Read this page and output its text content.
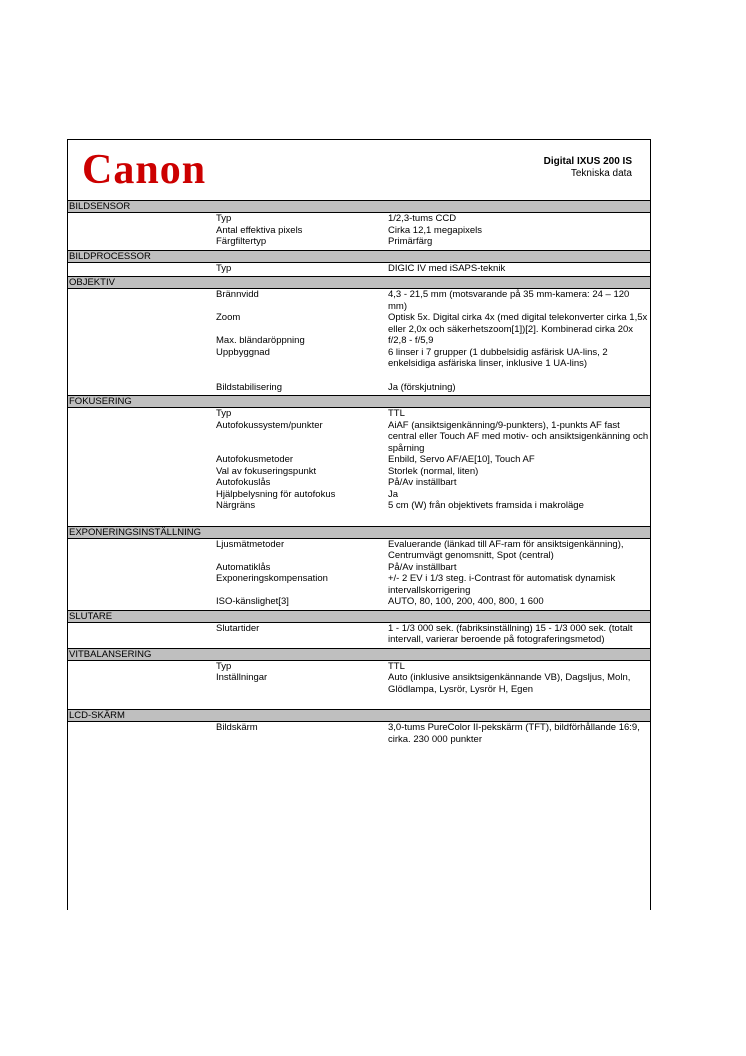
Canon	Digital IXUS 200 IS
Tekniska data
BILDSENSOR
Typ	1/2,3-tums CCD
Antal effektiva pixels	Cirka 12,1 megapixels
Färgfiltertyp	Primärfärg
BILDPROCESSOR
Typ	DIGIC IV med iSAPS-teknik
OBJEKTIV
Brännvidd	4,3 - 21,5 mm (motsvarande på 35 mm-kamera: 24 – 120 mm)
Zoom	Optisk 5x. Digital cirka 4x (med digital telekonverter cirka 1,5x eller 2,0x och säkerhetszoom[1])[2]. Kombinerad cirka 20x
Max. bländaröppning	f/2,8 - f/5,9
Uppbyggnad	6 linser i 7 grupper (1 dubbelsidig asfärisk UA-lins, 2 enkelsidiga asfäriska linser, inklusive 1 UA-lins)
Bildstabilisering	Ja (förskjutning)
FOKUSERING
Typ	TTL
Autofokussystem/punkter	AiAF (ansiktsigenkänning/9-punkters), 1-punkts AF fast central eller Touch AF med motiv- och ansiktsigenkänning och spårning
Autofokusmetoder	Enbild, Servo AF/AE[10], Touch AF
Val av fokuseringspunkt	Storlek (normal, liten)
Autofokuslås	På/Av inställbart
Hjälpbelysning för autofokus	Ja
Närgräns	5 cm (W) från objektivets framsida i makroläge
EXPONERINGSINSTÄLLNING
Ljusmätmetoder	Evaluerande (länkad till AF-ram för ansiktsigenkänning), Centrumvägt genomsnitt, Spot (central)
Automatiklås	På/Av inställbart
Exponeringskompensation	+/- 2 EV i 1/3 steg. i-Contrast för automatisk dynamisk intervallskorrigering
ISO-känslighet[3]	AUTO, 80, 100, 200, 400, 800, 1 600
SLUTARE
Slutartider	1 - 1/3 000 sek. (fabriksinställning) 15 - 1/3 000 sek. (totalt intervall, varierar beroende på fotograferingsmetod)
VITBALANSERING
Typ	TTL
Inställningar	Auto (inklusive ansiktsigenkännande VB), Dagsljus, Moln, Glödlampa, Lysrör, Lysrör H, Egen
LCD-SKÄRM
Bildskärm	3,0-tums PureColor II-pekskärm (TFT), bildförhållande 16:9, cirka. 230 000 punkter
